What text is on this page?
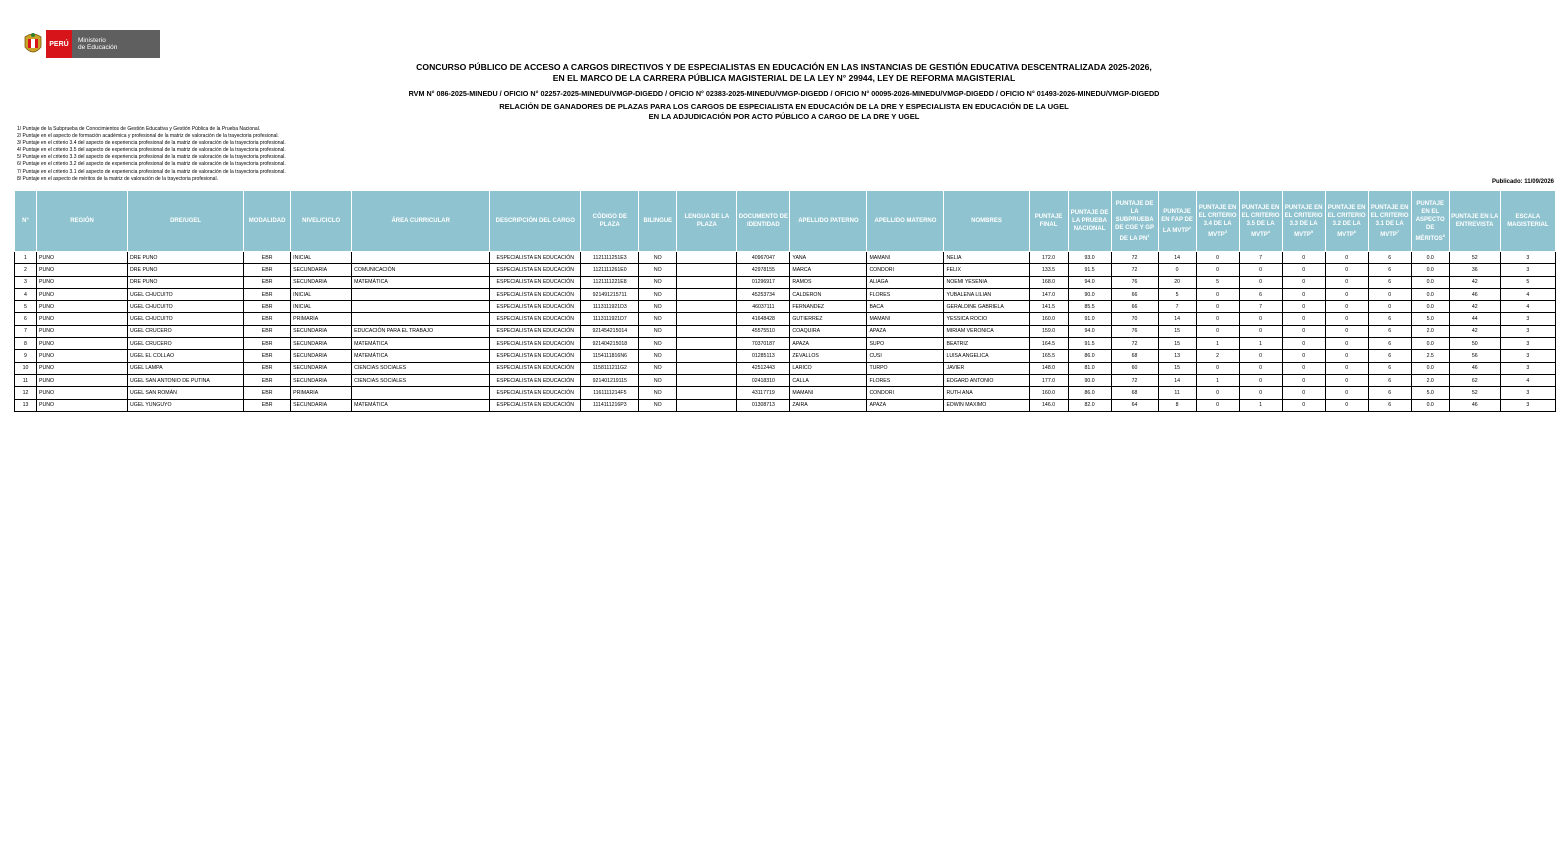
PERÚ
Ministerio
de Educación
CONCURSO PÚBLICO DE ACCESO A CARGOS DIRECTIVOS Y DE ESPECIALISTAS EN EDUCACIÓN EN LAS INSTANCIAS DE GESTIÓN EDUCATIVA DESCENTRALIZADA 2025-2026,
EN EL MARCO DE LA CARRERA PÚBLICA MAGISTERIAL DE LA LEY N° 29944, LEY DE REFORMA MAGISTERIAL
RVM N° 086-2025-MINEDU / OFICIO N° 02257-2025-MINEDU/VMGP-DIGEDD / OFICIO N° 02383-2025-MINEDU/VMGP-DIGEDD / OFICIO N° 00095-2026-MINEDU/VMGP-DIGEDD / OFICIO N° 01493-2026-MINEDU/VMGP-DIGEDD
RELACIÓN DE GANADORES DE PLAZAS PARA LOS CARGOS DE ESPECIALISTA EN EDUCACIÓN DE LA DRE Y ESPECIALISTA EN EDUCACIÓN DE LA UGEL
EN LA ADJUDICACIÓN POR ACTO PÚBLICO A CARGO DE LA DRE Y UGEL
1/ Puntaje de la Subprueba de Conocimientos de Gestión Educativa y Gestión Pública de la Prueba Nacional.
2/ Puntaje en el aspecto de formación académica y profesional de la matriz de valoración de la trayectoria profesional.
3/ Puntaje en el criterio 3.4 del aspecto de experiencia profesional de la matriz de valoración de la trayectoria profesional.
4/ Puntaje en el criterio 3.5 del aspecto de experiencia profesional de la matriz de valoración de la trayectoria profesional.
5/ Puntaje en el criterio 3.3 del aspecto de experiencia profesional de la matriz de valoración de la trayectoria profesional.
6/ Puntaje en el criterio 3.2 del aspecto de experiencia profesional de la matriz de valoración de la trayectoria profesional.
7/ Puntaje en el criterio 3.1 del aspecto de experiencia profesional de la matriz de valoración de la trayectoria profesional.
8/ Puntaje en el aspecto de méritos de la matriz de valoración de la trayectoria profesional.
Publicado: 11/09/2026
N°	REGIÓN	DRE/UGEL	MODALIDAD	NIVEL/CICLO	ÁREA CURRICULAR	DESCRIPCIÓN DEL CARGO	CÓDIGO DE PLAZA	BILINGUE	LENGUA DE LA PLAZA	DOCUMENTO DE IDENTIDAD	APELLIDO PATERNO	APELLIDO MATERNO	NOMBRES	PUNTAJE FINAL	PUNTAJE DE LA PRUEBA NACIONAL	PUNTAJE DE LA SUBPRUEBA DE CGE Y GP DE LA $PN^1$	PUNTAJE EN FAP DE LA MVTP$^2$	PUNTAJE EN EL CRITERIO 3.4 DE LA MVTP$^3$	PUNTAJE EN EL CRITERIO 3.5 DE LA MVTP$^4$	PUNTAJE EN EL CRITERIO 3.3 DE LA MVTP$^5$	PUNTAJE EN EL CRITERIO 3.2 DE LA MVTP$^6$	PUNTAJE EN EL CRITERIO 3.1 DE LA MVTP$^7$	PUNTAJE EN EL ASPECTO DE MÉRITOS$^8$	PUNTAJE EN LA ENTREVISTA	ESCALA MAGISTERIAL
1	PUNO	DRE PUNO	EBR	INICIAL		ESPECIALISTA EN EDUCACIÓN	1121111251E3	NO		40967047	YANA	MAMANI	NELIA	172.0	93.0	72	14	0	7	0	0	6	0.0	52	3
2	PUNO	DRE PUNO	EBR	SECUNDARIA	COMUNICACIÓN	ESPECIALISTA EN EDUCACIÓN	1121111261E0	NO		42978155	MARCA	CONDORI	FELIX	133.5	91.5	72	0	0	0	0	0	6	0.0	36	3
3	PUNO	DRE PUNO	EBR	SECUNDARIA	MATEMÁTICA	ESPECIALISTA EN EDUCACIÓN	1121111221E8	NO		01296917	RAMOS	ALIAGA	NOEMI YESENIA	168.0	94.0	76	20	5	0	0	0	6	0.0	42	5
4	PUNO	UGEL CHUCUITO	EBR	INICIAL		ESPECIALISTA EN EDUCACIÓN	921491215711	NO		45253734	CALDERON	FLORES	YUBALENA LILIAN	147.0	90.0	66	5	0	6	0	0	0	0.0	46	4
5	PUNO	UGEL CHUCUITO	EBR	INICIAL		ESPECIALISTA EN EDUCACIÓN	1113111921D3	NO		46037111	FERNANDEZ	BACA	GERALDINE GABRIELA	141.5	85.5	66	7	0	7	0	0	0	0.0	42	4
6	PUNO	UGEL CHUCUITO	EBR	PRIMARIA		ESPECIALISTA EN EDUCACIÓN	1113111921D7	NO		41648428	GUTIERREZ	MAMANI	YESSICA ROCIO	160.0	91.0	70	14	0	0	0	0	6	5.0	44	3
7	PUNO	UGEL CRUCERO	EBR	SECUNDARIA	EDUCACIÓN PARA EL TRABAJO	ESPECIALISTA EN EDUCACIÓN	921454215014	NO		45575510	COAQUIRA	APAZA	MIRIAM VERONICA	159.0	94.0	76	15	0	0	0	0	6	2.0	42	3
8	PUNO	UGEL CRUCERO	EBR	SECUNDARIA	MATEMÁTICA	ESPECIALISTA EN EDUCACIÓN	921404215018	NO		70370187	APAZA	SUPO	BEATRIZ	164.5	91.5	72	15	1	1	0	0	6	0.0	50	3
9	PUNO	UGEL EL COLLAO	EBR	SECUNDARIA	MATEMÁTICA	ESPECIALISTA EN EDUCACIÓN	1154111816N6	NO		01285113	ZEVALLOS	CUSI	LUISA ANGELICA	165.5	86.0	68	13	2	0	0	0	6	2.5	56	3
10	PUNO	UGEL LAMPA	EBR	SECUNDARIA	CIENCIAS SOCIALES	ESPECIALISTA EN EDUCACIÓN	1158111211G2	NO		42512443	LARICO	TURPO	JAVIER	148.0	81.0	60	15	0	0	0	0	6	0.0	46	3
11	PUNO	UGEL SAN ANTONIO DE PUTINA	EBR	SECUNDARIA	CIENCIAS SOCIALES	ESPECIALISTA EN EDUCACIÓN	921401219115	NO		02418310	CALLA	FLORES	EDGARD ANTONIO	177.0	90.0	72	14	1	0	0	0	6	2.0	62	4
12	PUNO	UGEL SAN ROMÁN	EBR	PRIMARIA		ESPECIALISTA EN EDUCACIÓN	1161111214F5	NO		43117719	MAMANI	CONDORI	RUTH ANA	160.0	86.0	68	11	0	0	0	0	6	5.0	52	3
13	PUNO	UGEL YUNGUYO	EBR	SECUNDARIA	MATEMÁTICA	ESPECIALISTA EN EDUCACIÓN	1114111216P3	NO		01308713	ZAIRA	APAZA	EDWIN MAXIMO	146.0	82.0	64	8	0	1	0	0	6	0.0	46	3
